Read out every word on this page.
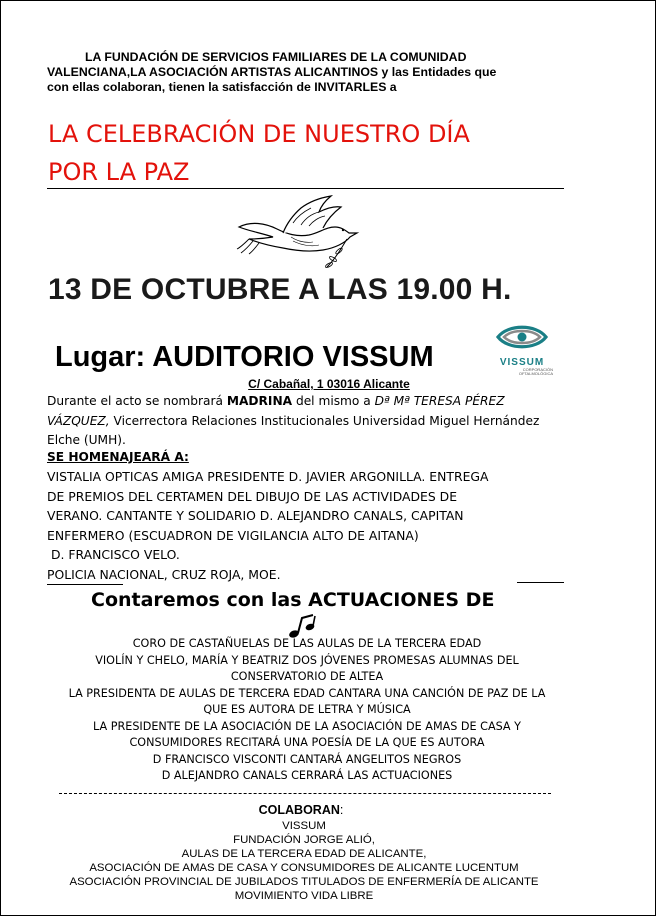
LA FUNDACIÓN DE SERVICIOS FAMILIARES DE LA COMUNIDAD
VALENCIANA,LA ASOCIACIÓN ARTISTAS ALICANTINOS y las Entidades que
con ellas colaboran, tienen la satisfacción de INVITARLES a
LA CELEBRACIÓN DE NUESTRO DÍA
POR LA PAZ
13 DE OCTUBRE A LAS 19.00 H.
Lugar: AUDITORIO VISSUM	VISSUM
CORPORACIÓN
OFTALMOLÓGICA
C/ Cabañal, 1 03016 Alicante
Durante el acto se nombrará MADRINA del mismo a Dª Mª TERESA PÉREZ VÁZQUEZ, Vicerrectora Relaciones Institucionales Universidad Miguel Hernández Elche (UMH).
SE HOMENAJEARÁ A:
VISTALIA OPTICAS AMIGA PRESIDENTE D. JAVIER ARGONILLA. ENTREGA
DE PREMIOS DEL CERTAMEN DEL DIBUJO DE LAS ACTIVIDADES DE
VERANO. CANTANTE Y SOLIDARIO D. ALEJANDRO CANALS, CAPITAN
ENFERMERO (ESCUADRON DE VIGILANCIA ALTO DE AITANA)
D. FRANCISCO VELO.
POLICIA NACIONAL, CRUZ ROJA, MOE.
Contaremos con las ACTUACIONES DE
CORO DE CASTAÑUELAS DE LAS AULAS DE LA TERCERA EDAD
VIOLÍN Y CHELO, MARÍA Y BEATRIZ DOS JÓVENES PROMESAS ALUMNAS DEL
CONSERVATORIO DE ALTEA
LA PRESIDENTA DE AULAS DE TERCERA EDAD CANTARA UNA CANCIÓN DE PAZ DE LA
QUE ES AUTORA DE LETRA Y MÚSICA
LA PRESIDENTE DE LA ASOCIACIÓN DE LA ASOCIACIÓN DE AMAS DE CASA Y
CONSUMIDORES RECITARÁ UNA POESÍA DE LA QUE ES AUTORA
D FRANCISCO VISCONTI CANTARÁ ANGELITOS NEGROS
D ALEJANDRO CANALS CERRARÁ LAS ACTUACIONES
COLABORAN:
VISSUM
FUNDACIÓN JORGE ALIÓ,
AULAS DE LA TERCERA EDAD DE ALICANTE,
ASOCIACIÓN DE AMAS DE CASA Y CONSUMIDORES DE ALICANTE LUCENTUM
ASOCIACIÓN PROVINCIAL DE JUBILADOS TITULADOS DE ENFERMERÍA DE ALICANTE
MOVIMIENTO VIDA LIBRE
